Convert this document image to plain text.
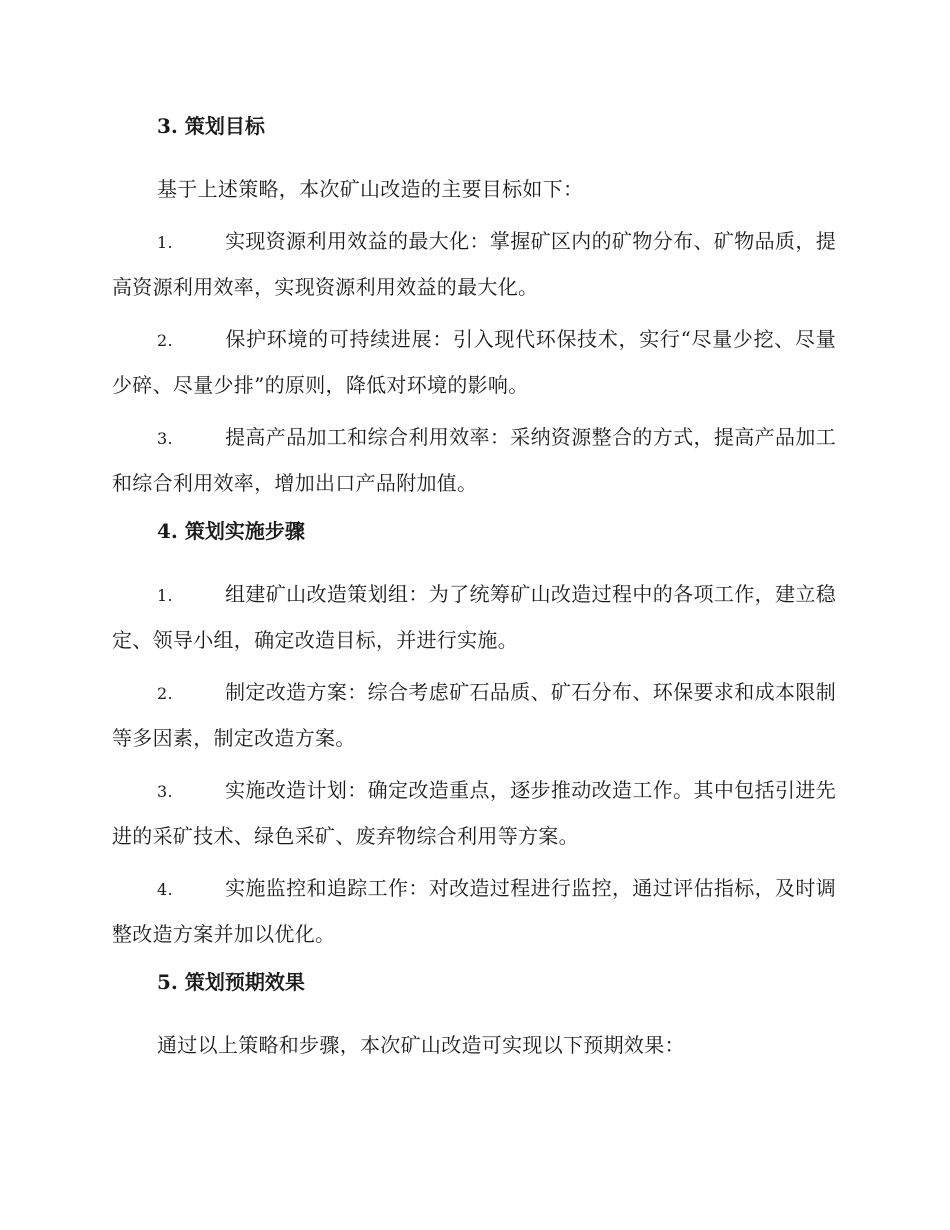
3. 策划目标

基于上述策略，本次矿山改造的主要目标如下：

1.	实现资源利用效益的最大化：掌握矿区内的矿物分布、矿物品质，提高资源利用效率，实现资源利用效益的最大化。

2.	保护环境的可持续进展：引入现代环保技术，实行“尽量少挖、尽量少碎、尽量少排”的原则，降低对环境的影响。

3.	提高产品加工和综合利用效率：采纳资源整合的方式，提高产品加工和综合利用效率，增加出口产品附加值。

4. 策划实施步骤

1.	组建矿山改造策划组：为了统筹矿山改造过程中的各项工作，建立稳定、领导小组，确定改造目标，并进行实施。

2.	制定改造方案：综合考虑矿石品质、矿石分布、环保要求和成本限制等多因素，制定改造方案。

3.	实施改造计划：确定改造重点，逐步推动改造工作。其中包括引进先进的采矿技术、绿色采矿、废弃物综合利用等方案。

4.	实施监控和追踪工作：对改造过程进行监控，通过评估指标，及时调整改造方案并加以优化。

5. 策划预期效果

通过以上策略和步骤，本次矿山改造可实现以下预期效果：
